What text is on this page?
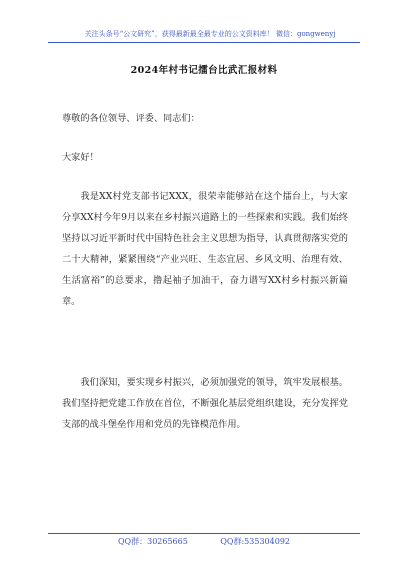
关注头条号“公文研究”，获得最新最全最专业的公文资料库！ 微信：gongwenyj
2024年村书记擂台比武汇报材料

尊敬的各位领导、评委、同志们：

大家好！

我是XX村党支部书记XXX，很荣幸能够站在这个擂台上，与大家分享XX村今年9月以来在乡村振兴道路上的一些探索和实践。我们始终坚持以习近平新时代中国特色社会主义思想为指导，认真贯彻落实党的二十大精神，紧紧围绕“产业兴旺、生态宜居、乡风文明、治理有效、生活富裕”的总要求，撸起袖子加油干，奋力谱写XX村乡村振兴新篇章。

我们深知，要实现乡村振兴，必须加强党的领导，筑牢发展根基。我们坚持把党建工作放在首位，不断强化基层党组织建设，充分发挥党支部的战斗堡垒作用和党员的先锋模范作用。

QQ群：30265665	QQ群:535304092
